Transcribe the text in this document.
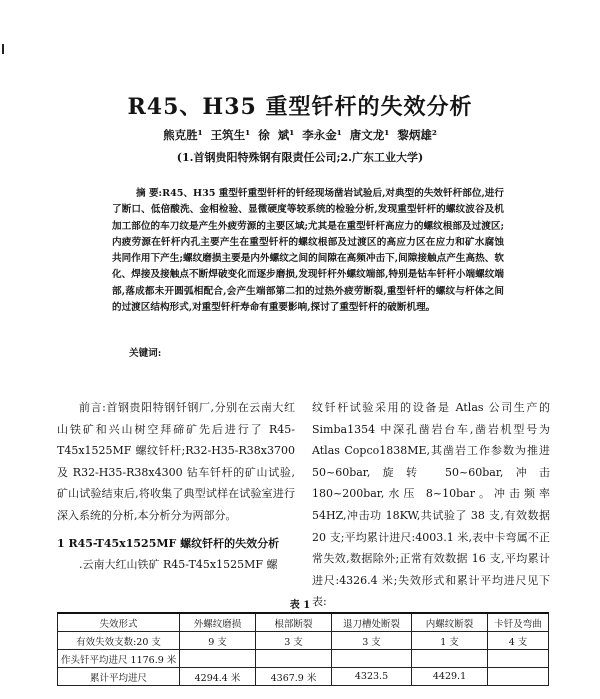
R45、H35 重型钎杆的失效分析
熊克胜¹ 王筑生¹ 徐 斌¹ 李永金¹ 唐文龙¹ 黎炳雄²
(1.首钢贵阳特殊钢有限责任公司;2.广东工业大学)
摘 要:R45、H35 重型钎重型钎杆的钎经现场凿岩试验后,对典型的失效钎杆部位,进行了断口、低倍酸洗、金相检验、显微硬度等较系统的检验分析,发现重型钎杆的螺纹波谷及机加工部位的车刀纹是产生外疲劳源的主要区域;尤其是在重型钎杆高应力的螺纹根部及过渡区;内疲劳源在钎杆内孔主要产生在重型钎杆的螺纹根部及过渡区的高应力区在应力和矿水腐蚀共同作用下产生;螺纹磨损主要是内外螺纹之间的间隙在高频冲击下,间隙接触点产生高热、软化、焊接及接触点不断焊破变化而逐步磨损,发现钎杆外螺纹端部,特别是钻车钎杆小端螺纹端部,落成都未开圆弧相配合,会产生端部第二扣的过热外疲劳断裂,重型钎杆的螺纹与杆体之间的过渡区结构形式,对重型钎杆寿命有重要影响,探讨了重型钎杆的破断机理。
关键词:

前言:首钢贵阳特钢钎钢厂,分别在云南大红山铁矿和兴山树空拜碲矿先后进行了 R45-T45x1525MF 螺纹钎杆;R32-H35-R38x3700 及 R32-H35-R38x4300 钻车钎杆的矿山试验,矿山试验结束后,将收集了典型试样在试验室进行深入系统的分析,本分析分为两部分。

1 R45-T45x1525MF 螺纹钎杆的失效分析

.云南大红山铁矿 R45-T45x1525MF 螺

纹钎杆试验采用的设备是 Atlas 公司生产的 Simba1354 中深孔凿岩台车,凿岩机型号为 Atlas Copco1838ME,其凿岩工作参数为推进 50~60bar,旋转 50~60bar,冲击 180~200bar,水压 8~10bar。冲击频率 54HZ,冲击功 18KW,共试验了 38 支,有效数据 20 支;平均累计进尺:4003.1 米,表中卡弯属不正常失效,数据除外;正常有效数据 16 支,平均累计进尺:4326.4 米;失效形式和累计平均进尺见下表:

表 1
失效形式	外螺纹磨损	根部断裂	退刀槽处断裂	内螺纹断裂	卡钎及弯曲
有效失效支数:20 支	9 支	3 支	3 支	1 支	4 支
作头钎平均进尺 1176.9 米					
累计平均进尺	4294.4 米	4367.9 米	4323.5	4429.1	
